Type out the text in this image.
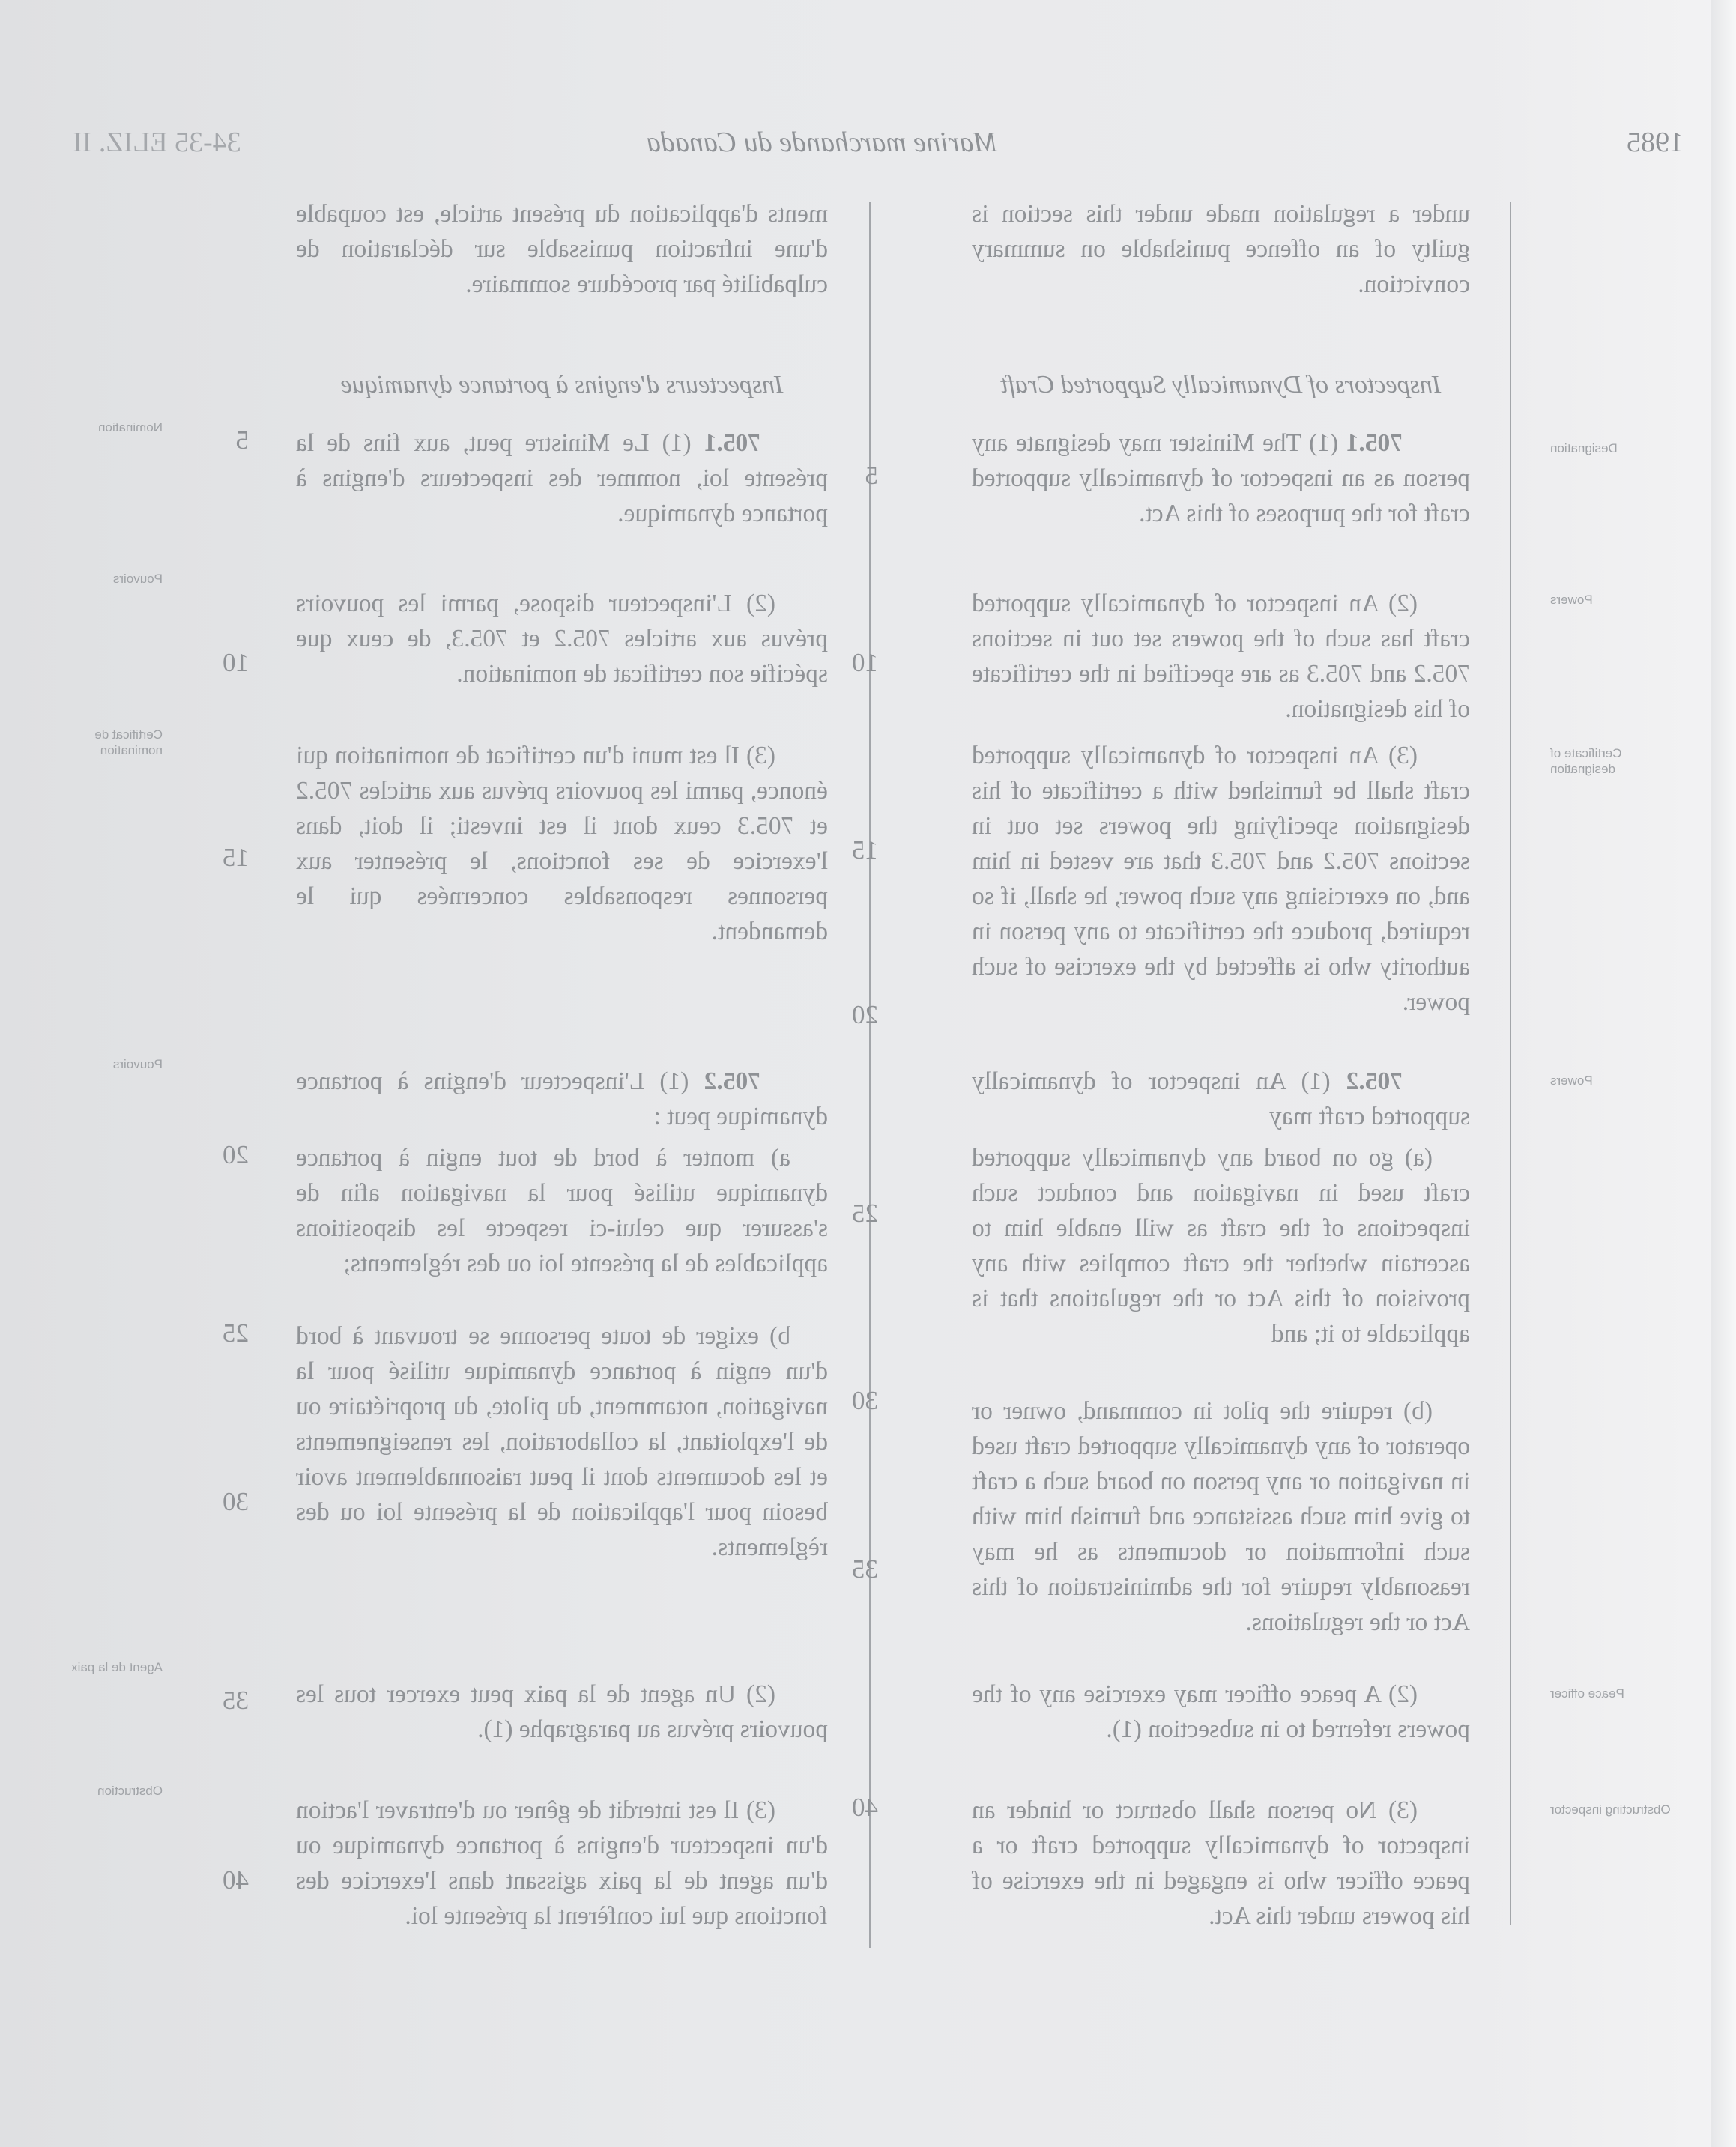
1985
Marine marchande du Canada
34-35 ELIZ. II

under a regulation made under this section is guilty of an offence punishable on summary conviction.

Inspectors of Dynamically Supported Craft

705.1 (1) The Minister may designate any person as an inspector of dynamically supported craft for the purposes of this Act.

(2) An inspector of dynamically supported craft has such of the powers set out in sections 705.2 and 705.3 as are specified in the certificate of his designation.

(3) An inspector of dynamically supported craft shall be furnished with a certificate of his designation specifying the powers set out in sections 705.2 and 705.3 that are vested in him and, on exercising any such power, he shall, if so required, produce the certificate to any person in authority who is affected by the exercise of such power.

705.2 (1) An inspector of dynamically supported craft may

(a) go on board any dynamically supported craft used in navigation and conduct such inspections of the craft as will enable him to ascertain whether the craft complies with any provision of this Act or the regulations that is applicable to it; and

(b) require the pilot in command, owner or operator of any dynamically supported craft used in navigation or any person on board such a craft to give him such assistance and furnish him with such information or documents as he may reasonably require for the administration of this Act or the regulations.

(2) A peace officer may exercise any of the powers referred to in subsection (1).

(3) No person shall obstruct or hinder an inspector of dynamically supported craft or a peace officer who is engaged in the exercise of his powers under this Act.

ments d'application du présent article, est coupable d'une infraction punissable sur déclaration de culpabilité par procédure sommaire.

Inspecteurs d'engins à portance dynamique

705.1 (1) Le Ministre peut, aux fins de la présente loi, nommer des inspecteurs d'engins à portance dynamique.

(2) L'inspecteur dispose, parmi les pouvoirs prévus aux articles 705.2 et 705.3, de ceux que spécifie son certificat de nomination.

(3) Il est muni d'un certificat de nomination qui énonce, parmi les pouvoirs prévus aux articles 705.2 et 705.3 ceux dont il est investi; il doit, dans l'exercice de ses fonctions, le présenter aux personnes responsables concernées qui le demandent.

705.2 (1) L'inspecteur d'engins à portance dynamique peut :

a) monter à bord de tout engin à portance dynamique utilisé pour la navigation afin de s'assurer que celui-ci respecte les dispositions applicables de la présente loi ou des règlements;

b) exiger de toute personne se trouvant à bord d'un engin à portance dynamique utilisé pour la navigation, notamment, du pilote, du propriétaire ou de l'exploitant, la collaboration, les renseignements et les documents dont il peut raisonnablement avoir besoin pour l'application de la présente loi ou des règlements.

(2) Un agent de la paix peut exercer tous les pouvoirs prévus au paragraphe (1).

(3) Il est interdit de gêner ou d'entraver l'action d'un inspecteur d'engins à portance dynamique ou d'un agent de la paix agissant dans l'exercice des fonctions que lui confèrent la présente loi.

Designation
Powers
Certificate of designation
Powers
Peace officer
Obstructing inspector
Nomination
Pouvoirs
Certificat de nomination
Pouvoirs
Agent de la paix
Obstruction
5
10
15
20
25
30
35
40
5
10
15
20
25
30
35
40
